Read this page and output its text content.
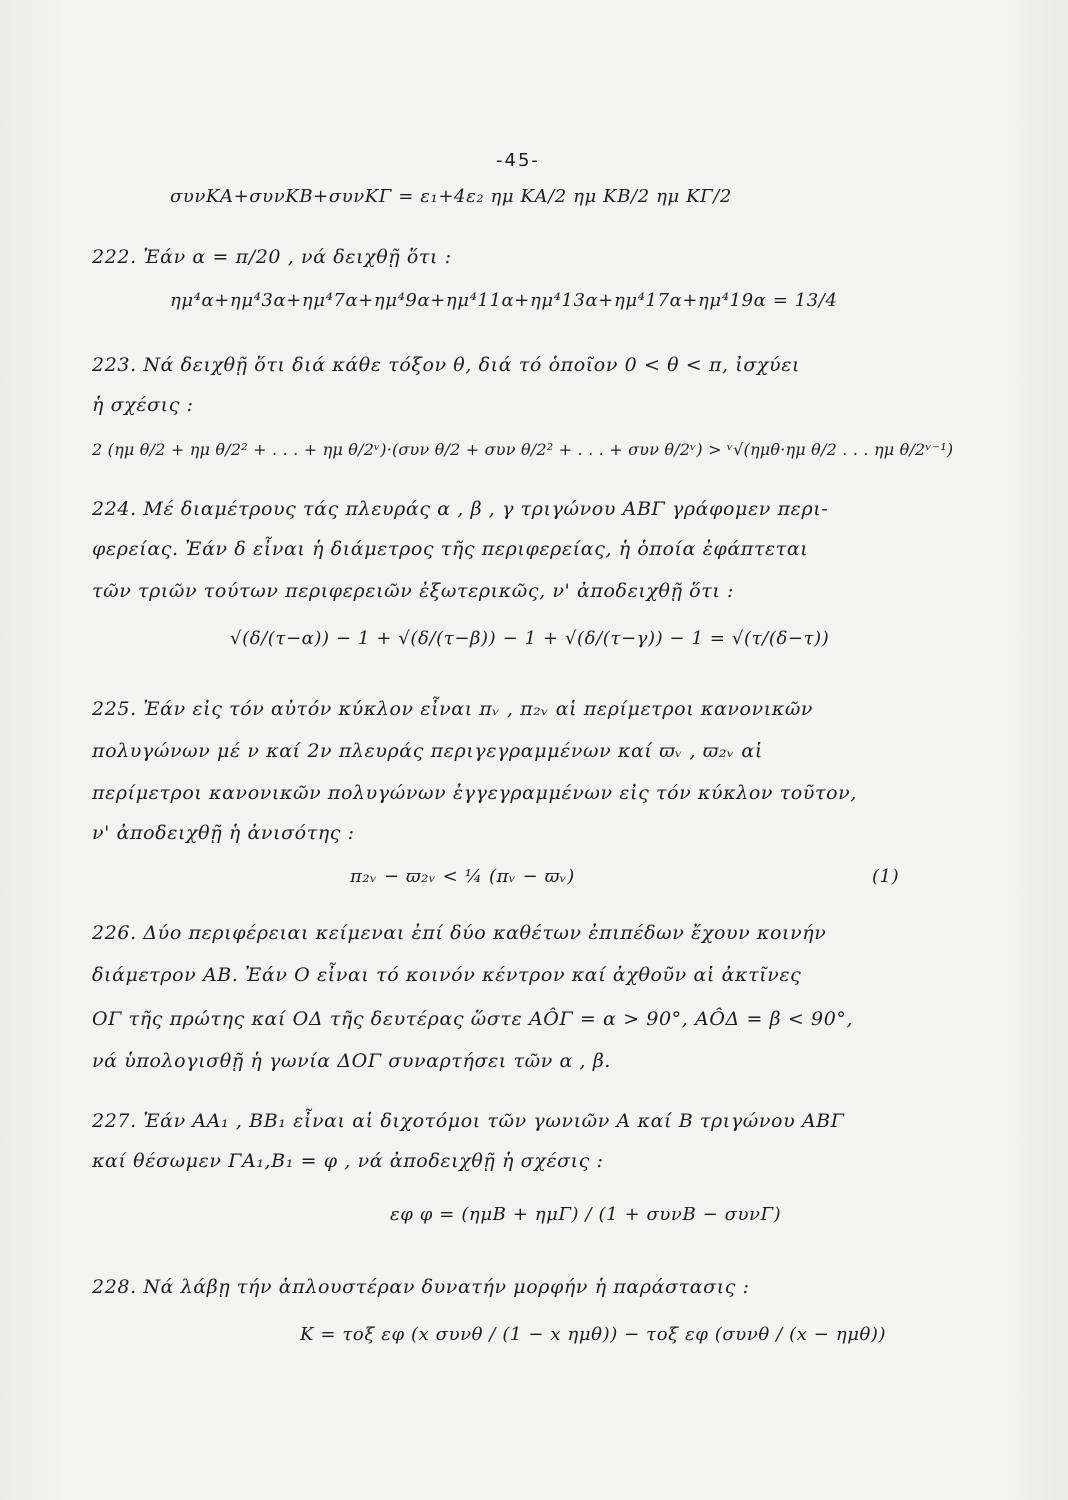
-45-
συνΚΑ+συνΚΒ+συνΚΓ = ε₁+4ε₂ ημ ΚΑ/2 ημ ΚΒ/2 ημ ΚΓ/2
222. Ἐάν α = π/20 , νά δειχθῇ ὅτι :
ημ⁴α+ημ⁴3α+ημ⁴7α+ημ⁴9α+ημ⁴11α+ημ⁴13α+ημ⁴17α+ημ⁴19α = 13/4
223. Νά δειχθῇ ὅτι διά κάθε τόξον θ, διά τό ὁποῖον 0 < θ < π, ἰσχύει
ἡ σχέσις :
2 (ημ θ/2 + ημ θ/2² + . . . + ημ θ/2ᵛ)·(συν θ/2 + συν θ/2² + . . . + συν θ/2ᵛ) > ᵛ√(ημθ·ημ θ/2 . . . ημ θ/2ᵛ⁻¹)
224. Μέ διαμέτρους τάς πλευράς α , β , γ τριγώνου ΑΒΓ γράφομεν περι-
φερείας. Ἐάν δ εἶναι ἡ διάμετρος τῆς περιφερείας, ἡ ὁποία ἐφάπτεται
τῶν τριῶν τούτων περιφερειῶν ἐξωτερικῶς, ν' ἀποδειχθῇ ὅτι :
√(δ/(τ−α)) − 1 + √(δ/(τ−β)) − 1 + √(δ/(τ−γ)) − 1 = √(τ/(δ−τ))
225. Ἐάν εἰς τόν αὐτόν κύκλον εἶναι πᵥ , π₂ᵥ αἱ περίμετροι κανονικῶν
πολυγώνων μέ ν καί 2ν πλευράς περιγεγραμμένων καί ϖᵥ , ϖ₂ᵥ αἱ
περίμετροι κανονικῶν πολυγώνων ἐγγεγραμμένων εἰς τόν κύκλον τοῦτον,
ν' ἀποδειχθῇ ἡ ἀνισότης :
π₂ᵥ − ϖ₂ᵥ < ¼ (πᵥ − ϖᵥ)	(1)
226. Δύο περιφέρειαι κείμεναι ἐπί δύο καθέτων ἐπιπέδων ἔχουν κοινήν
διάμετρον ΑΒ. Ἐάν Ο εἶναι τό κοινόν κέντρον καί ἀχθοῦν αἱ ἀκτῖνες
ΟΓ τῆς πρώτης καί ΟΔ τῆς δευτέρας ὥστε ΑÔΓ = α > 90°, ΑÔΔ = β < 90°,
νά ὑπολογισθῇ ἡ γωνία ΔΟΓ συναρτήσει τῶν α , β.
227. Ἐάν ΑΑ₁ , ΒΒ₁ εἶναι αἱ διχοτόμοι τῶν γωνιῶν Α καί Β τριγώνου ΑΒΓ
καί θέσωμεν ΓΑ₁,Β₁ = φ , νά ἀποδειχθῇ ἡ σχέσις :
εφ φ = (ημΒ + ημΓ) / (1 + συνΒ − συνΓ)
228. Νά λάβῃ τήν ἁπλουστέραν δυνατήν μορφήν ἡ παράστασις :
Κ = τοξ εφ (x συνθ / (1 − x ημθ)) − τοξ εφ (συνθ / (x − ημθ))
